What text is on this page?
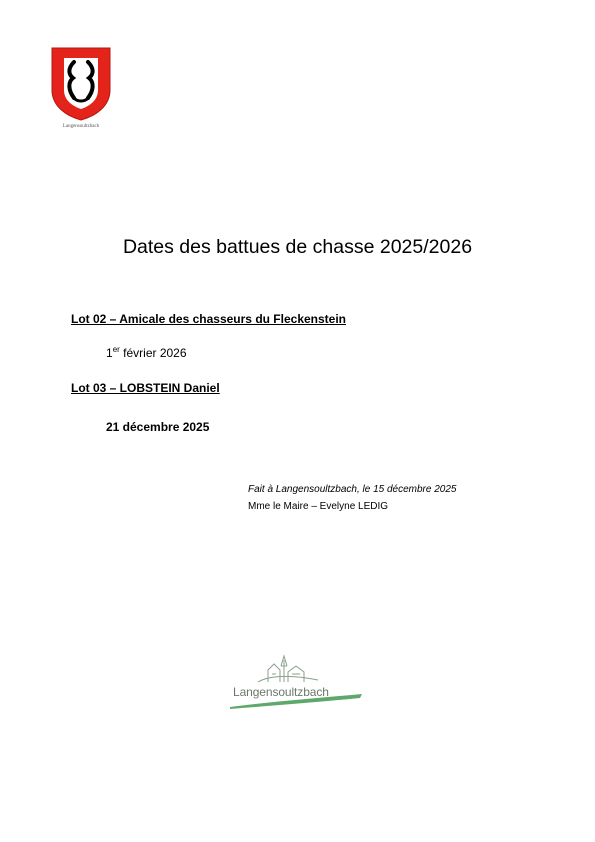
Langensoultzbach
Dates des battues de chasse 2025/2026

Lot 02 – Amicale des chasseurs du Fleckenstein

1er février 2026

Lot 03 – LOBSTEIN Daniel

21 décembre 2025

Fait à Langensoultzbach, le 15 décembre 2025
Mme le Maire – Evelyne LEDIG
Langensoultzbach
